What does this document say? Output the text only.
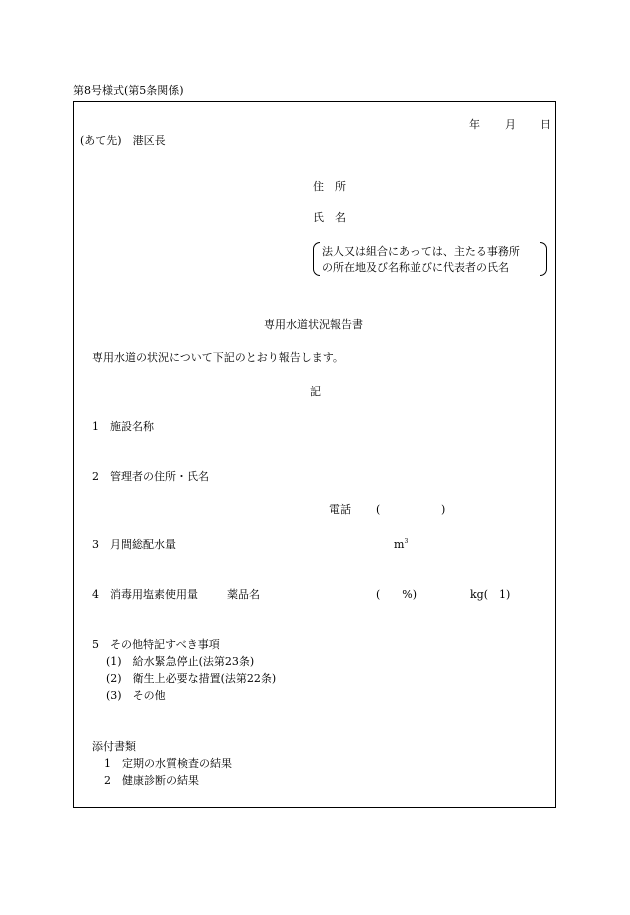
第8号様式(第5条関係)
年 月 日
(あて先)　港区長
住　所
氏　名
法人又は組合にあっては、主たる事務所
の所在地及び名称並びに代表者の氏名
専用水道状況報告書
専用水道の状況について下記のとおり報告します。
記
1　施設名称
2　管理者の住所・氏名
電話 (	)
3　月間総配水量	$m^3$
4　消毒用塩素使用量	薬品名	(　　%)	kg(　1)
5　その他特記すべき事項
(1)　給水緊急停止(法第23条)
(2)　衛生上必要な措置(法第22条)
(3)　その他
添付書類
1　定期の水質検査の結果
2　健康診断の結果
